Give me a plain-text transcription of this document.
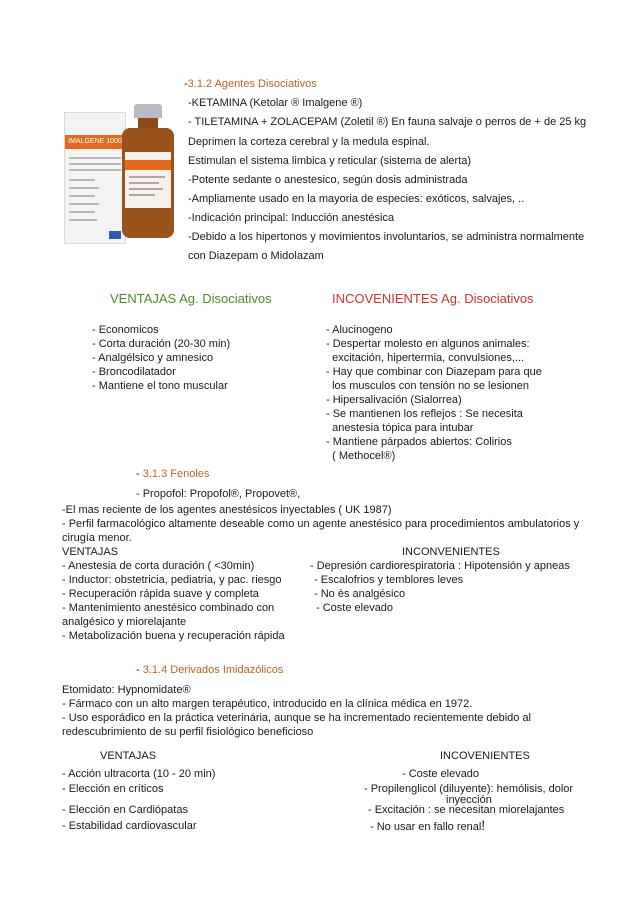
-3.1.2 Agentes Disociativos
-KETAMINA (Ketolar ® Imalgene ®)
- TILETAMINA + ZOLACEPAM (Zoletil ®) En fauna salvaje o perros de + de 25 kg
Deprimen la corteza cerebral y la medula espinal.
Estimulan el sistema limbica y reticular (sistema de alerta)
-Potente sedante o anestesico, según dosis administrada
-Ampliamente usado en la mayoria de especies: exóticos, salvajes, ..
-Indicación principal: Inducción anestésica
-Debido a los hipertonos y movimientos involuntarios, se administra normalmente
con Diazepam o Midolazam
IMALGENE 1000
VENTAJAS Ag. Disociativos	INCOVENIENTES Ag. Disociativos
- Economicos
- Corta duración (20-30 min)
- Analgélsico y amnesico
- Broncodilatador
- Mantiene el tono muscular
- Alucinogeno
- Despertar molesto en algunos animales:
excitación, hipertermia, convulsiones,...
- Hay que combinar con Diazepam para que
los musculos con tensión no se lesionen
- Hipersalivación (Sialorrea)
- Se mantienen los reflejos : Se necesita
anestesia tópica para intubar
- Mantiene párpados abiertos: Colirios
( Methocel®)
- 3.1.3 Fenoles
- Propofol: Propofol®, Propovet®,
-El mas reciente de los agentes anestésicos inyectables ( UK 1987)
- Perfil farmacológico altamente deseable como un agente anestésico para procedimientos ambulatorios y
cirugía menor.
VENTAJAS	INCONVENIENTES
- Anestesia de corta duración ( <30min)
- Inductor: obstetricia, pediatria, y pac. riesgo
- Recuperación rápida suave y completa
- Mantenimiento anestésico combinado con
analgésico y miorelajante
- Metabolización buena y recuperación rápida
- Depresión cardiorespiratoria : Hipotensión y apneas
- Escalofrios y temblores leves
- No ès analgésico
- Coste elevado
- 3.1.4 Derivados Imidazólicos
Etomidato: Hypnomidate®
- Fármaco con un alto margen terapéutico, introducido en la clínica médica en 1972.
- Uso esporádico en la práctica veterinária, aunque se ha incrementado recientemente debido al
redescubrimiento de su perfil fisiológico beneficioso
VENTAJAS	INCOVENIENTES
- Acción ultracorta (10 - 20 min)
- Elección en críticos
- Elección en Cardiópatas
- Estabilidad cardiovascular
- Coste elevado
- Propilenglicol (diluyente): hemólisis, dolor
inyección
- Excitación : se necesitan miorelajantes
- No usar en fallo renal!
